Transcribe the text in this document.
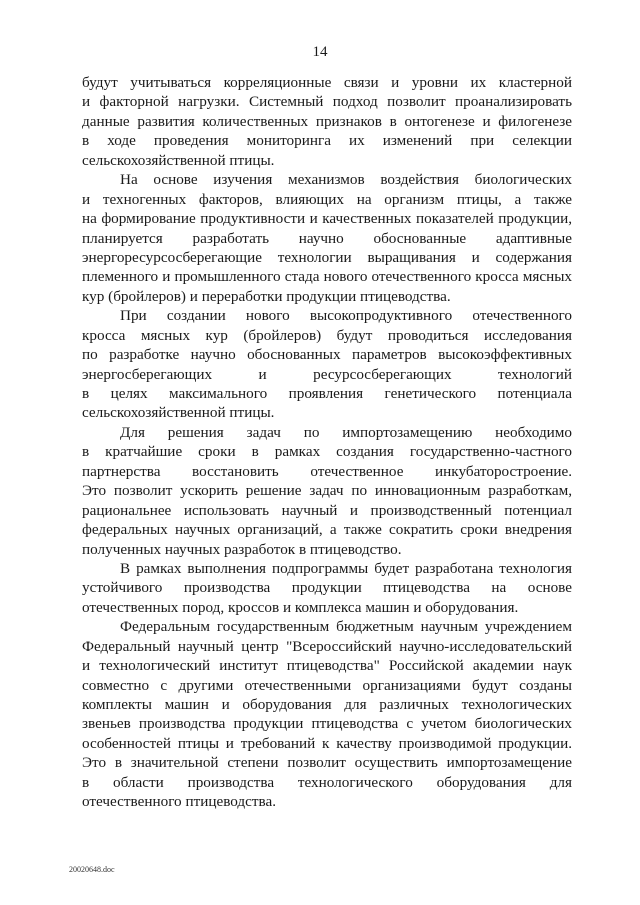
14
будут учитываться корреляционные связи и уровни их кластерной
и факторной нагрузки. Системный подход позволит проанализировать
данные развития количественных признаков в онтогенезе и филогенезе
в ходе проведения мониторинга их изменений при селекции
сельскохозяйственной птицы.
На основе изучения механизмов воздействия биологических
и техногенных факторов, влияющих на организм птицы, а также
на формирование продуктивности и качественных показателей продукции,
планируется разработать научно обоснованные адаптивные
энергоресурсосберегающие технологии выращивания и содержания
племенного и промышленного стада нового отечественного кросса мясных
кур (бройлеров) и переработки продукции птицеводства.
При создании нового высокопродуктивного отечественного
кросса мясных кур (бройлеров) будут проводиться исследования
по разработке научно обоснованных параметров высокоэффективных
энергосберегающих и ресурсосберегающих технологий
в целях максимального проявления генетического потенциала
сельскохозяйственной птицы.
Для решения задач по импортозамещению необходимо
в кратчайшие сроки в рамках создания государственно-частного
партнерства восстановить отечественное инкубаторостроение.
Это позволит ускорить решение задач по инновационным разработкам,
рациональнее использовать научный и производственный потенциал
федеральных научных организаций, а также сократить сроки внедрения
полученных научных разработок в птицеводство.
В рамках выполнения подпрограммы будет разработана технология
устойчивого производства продукции птицеводства на основе
отечественных пород, кроссов и комплекса машин и оборудования.
Федеральным государственным бюджетным научным учреждением
Федеральный научный центр "Всероссийский научно-исследовательский
и технологический институт птицеводства" Российской академии наук
совместно с другими отечественными организациями будут созданы
комплекты машин и оборудования для различных технологических
звеньев производства продукции птицеводства с учетом биологических
особенностей птицы и требований к качеству производимой продукции.
Это в значительной степени позволит осуществить импортозамещение
в области производства технологического оборудования для
отечественного птицеводства.
20020648.doc
